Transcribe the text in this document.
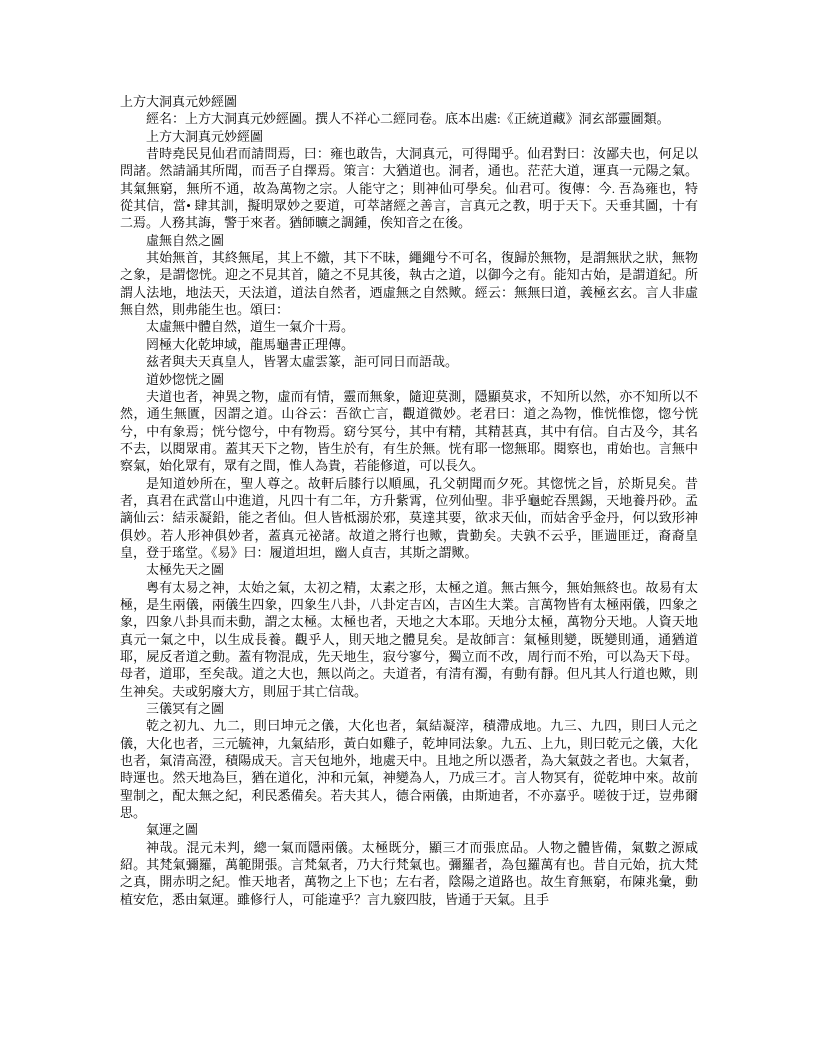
上方大洞真元妙經圖

經名：上方大洞真元妙經圖。撰人不祥心二經同卷。底本出處:《正統道藏》洞玄部靈圖類。

上方大洞真元妙經圖

昔時堯民見仙君而請問焉，曰：雍也敢告，大洞真元，可得聞乎。仙君對曰：汝鄙夫也，何足以問諸。然請誦其所聞，而吾子自擇焉。策言：大猶道也。洞者，通也。茫茫大道，運真一元陽之氣。其氣無窮，無所不通，故為萬物之宗。人能守之；則神仙可學矣。仙君可。復傳：今. 吾為雍也，特從其信，當• 肆其訓，擬明眾妙之要道，可萃諸經之善言，言真元之教，明于天下。天垂其圖，十有二焉。人務其誨，警于來者。猶師曠之調鍾，俟知音之在後。

虛無自然之圖

其始無首，其終無尾，其上不繳，其下不昧，繩繩兮不可名，復歸於無物，是謂無狀之狀，無物之象，是謂惚恍。迎之不見其首，隨之不見其後，執古之道，以御今之有。能知古始，是謂道紀。所謂人法地，地法天，天法道，道法自然者，迺虛無之自然歟。經云：無無曰道，義極玄玄。言人非虛無自然，則弗能生也。頌曰：

太虛無中體自然，道生一氣介十焉。

罔極大化乾坤域，龍馬龜書正理傳。

兹者與夫天真皇人，皆署太虛雲篆，詎可同日而語哉。

道妙惚恍之圖

夫道也者，神異之物，虛而有情，靈而無象，隨迎莫測，隱顯莫求，不知所以然，亦不知所以不然，通生無匱，因謂之道。山谷云：吾欲亡言，觀道微妙。老君曰：道之為物，惟恍惟惚，惚兮恍兮，中有象焉；恍兮惚兮，中有物焉。窈兮冥兮，其中有精，其精甚真，其中有信。自古及今，其名不去，以閱眾甫。蓋其天下之物，皆生於有，有生於無。恍有耶一惚無耶。閱察也，甫始也。言無中察氣，始化眾有，眾有之間，惟人為貴，若能修道，可以長久。

是知道妙所在，聖人尊之。故軒后膝行以順風，孔父朝聞而夕死。其惚恍之旨，於斯見矣。昔者，真君在武當山中進道，凡四十有二年，方升紫霄，位列仙聖。非乎龜蛇吞黑錫，天地養丹砂。孟謫仙云：結汞凝鉛，能之者仙。但人皆柢溺於邪，莫達其要，欲求天仙，而姑舍乎金丹，何以致形神俱妙。若人形神俱妙者，蓋真元祕諸。故道之將行也歟，貴勤矣。夫孰不云乎，匪遄匪迂，裔裔皇皇，登于瑤堂。《易》曰：履道坦坦，幽人貞吉，其斯之謂歟。

太極先天之圖

粵有太易之神，太始之氣，太初之精，太素之形，太極之道。無古無今，無始無終也。故易有太極，是生兩儀，兩儀生四象，四象生八卦，八卦定吉凶，吉凶生大業。言萬物皆有太極兩儀，四象之象，四象八卦具而未動，謂之太極。太極也者，天地之大本耶。天地分太極，萬物分天地。人資天地真元一氣之中，以生成長養。觀乎人，則天地之體見矣。是故師言：氣極則變，既變則通，通猶道耶，屍反者道之動。蓋有物混成，先天地生，寂兮寥兮，獨立而不改，周行而不殆，可以為天下母。母者，道耶，至矣哉。道之大也，無以尚之。夫道者，有清有濁，有動有靜。但凡其人行道也歟，則生神矣。夫或躬廢大方，則屈于其亡信哉。

三儀冥有之圖

乾之初九、九二，則曰坤元之儀，大化也者，氣結凝滓，積滯成地。九三、九四，則曰人元之儀，大化也者，三元毓神，九氣結形，黃白如雞子，乾坤同法象。九五、上九，則曰乾元之儀，大化也者，氣清高澄，積陽成天。言天包地外，地處天中。且地之所以憑者，為大氣鼓之者也。大氣者，時運也。然天地為巨，猶在道化，沖和元氣，神變為人，乃成三才。言人物冥有，從乾坤中來。故前聖制之，配太無之紀，利民悉備矣。若夫其人，德合兩儀，由斯迪者，不亦嘉乎。嗟彼于迂，豈弗爾思。

氣運之圖

神哉。混元未判，總一氣而隱兩儀。太極既分，顯三才而張庶品。人物之體皆備，氣數之源咸紹。其梵氣彌羅，萬範開張。言梵氣者，乃大行梵氣也。彌羅者，為包羅萬有也。昔自元始，抗大梵之真，開赤明之紀。惟天地者，萬物之上下也；左右者，陰陽之道路也。故生育無窮，布陳兆彙，動植安危，悉由氣運。雖修行人，可能違乎？言九竅四肢，皆通于天氣。且手
